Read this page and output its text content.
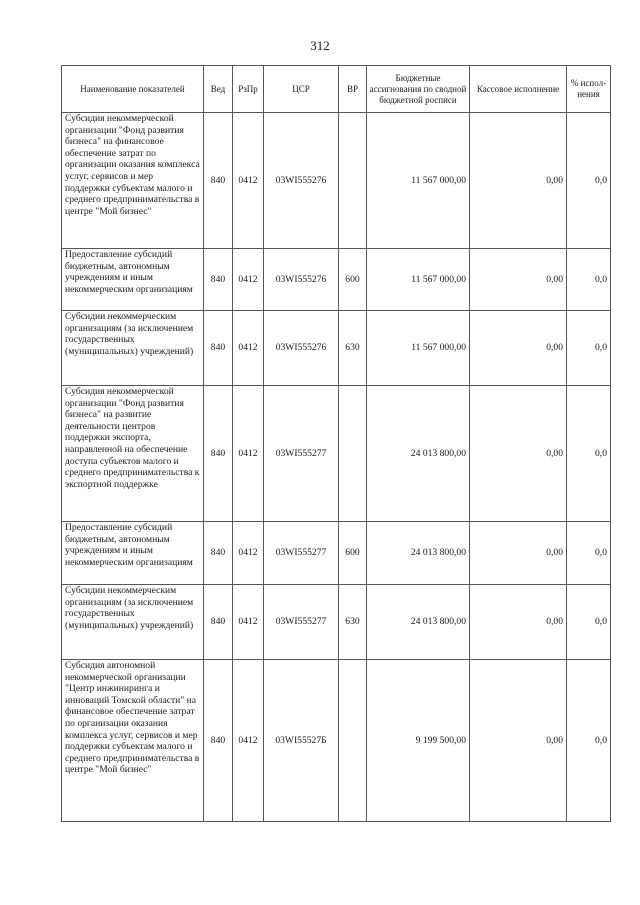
312
Наименование показателей	Вед	РзПр	ЦСР	ВР	Бюджетные ассигнования по сводной бюджетной росписи	Кассовое исполнение	% испол-нения
Субсидия некоммерческой организации "Фонд развития бизнеса" на финансовое обеспечение затрат по организации оказания комплекса услуг, сервисов и мер поддержки субъектам малого и среднего предпринимательства в центре "Мой бизнес"	840	0412	03WI555276		11 567 000,00	0,00	0,0
Предоставление субсидий бюджетным, автономным учреждениям и иным некоммерческим организациям	840	0412	03WI555276	600	11 567 000,00	0,00	0,0
Субсидии некоммерческим организациям (за исключением государственных (муниципальных) учреждений)	840	0412	03WI555276	630	11 567 000,00	0,00	0,0
Субсидия некоммерческой организации "Фонд развития бизнеса" на развитие деятельности центров поддержки экспорта, направленной на обеспечение доступа субъектов малого и среднего предпринимательства к экспортной поддержке	840	0412	03WI555277		24 013 800,00	0,00	0,0
Предоставление субсидий бюджетным, автономным учреждениям и иным некоммерческим организациям	840	0412	03WI555277	600	24 013 800,00	0,00	0,0
Субсидии некоммерческим организациям (за исключением государственных (муниципальных) учреждений)	840	0412	03WI555277	630	24 013 800,00	0,00	0,0
Субсидия автономной некоммерческой организации "Центр инжиниринга и инноваций Томской области" на финансовое обеспечение затрат по организации оказания комплекса услуг, сервисов и мер поддержки субъектам малого и среднего предпринимательства в центре "Мой бизнес"	840	0412	03WI55527Б		9 199 500,00	0,00	0,0
